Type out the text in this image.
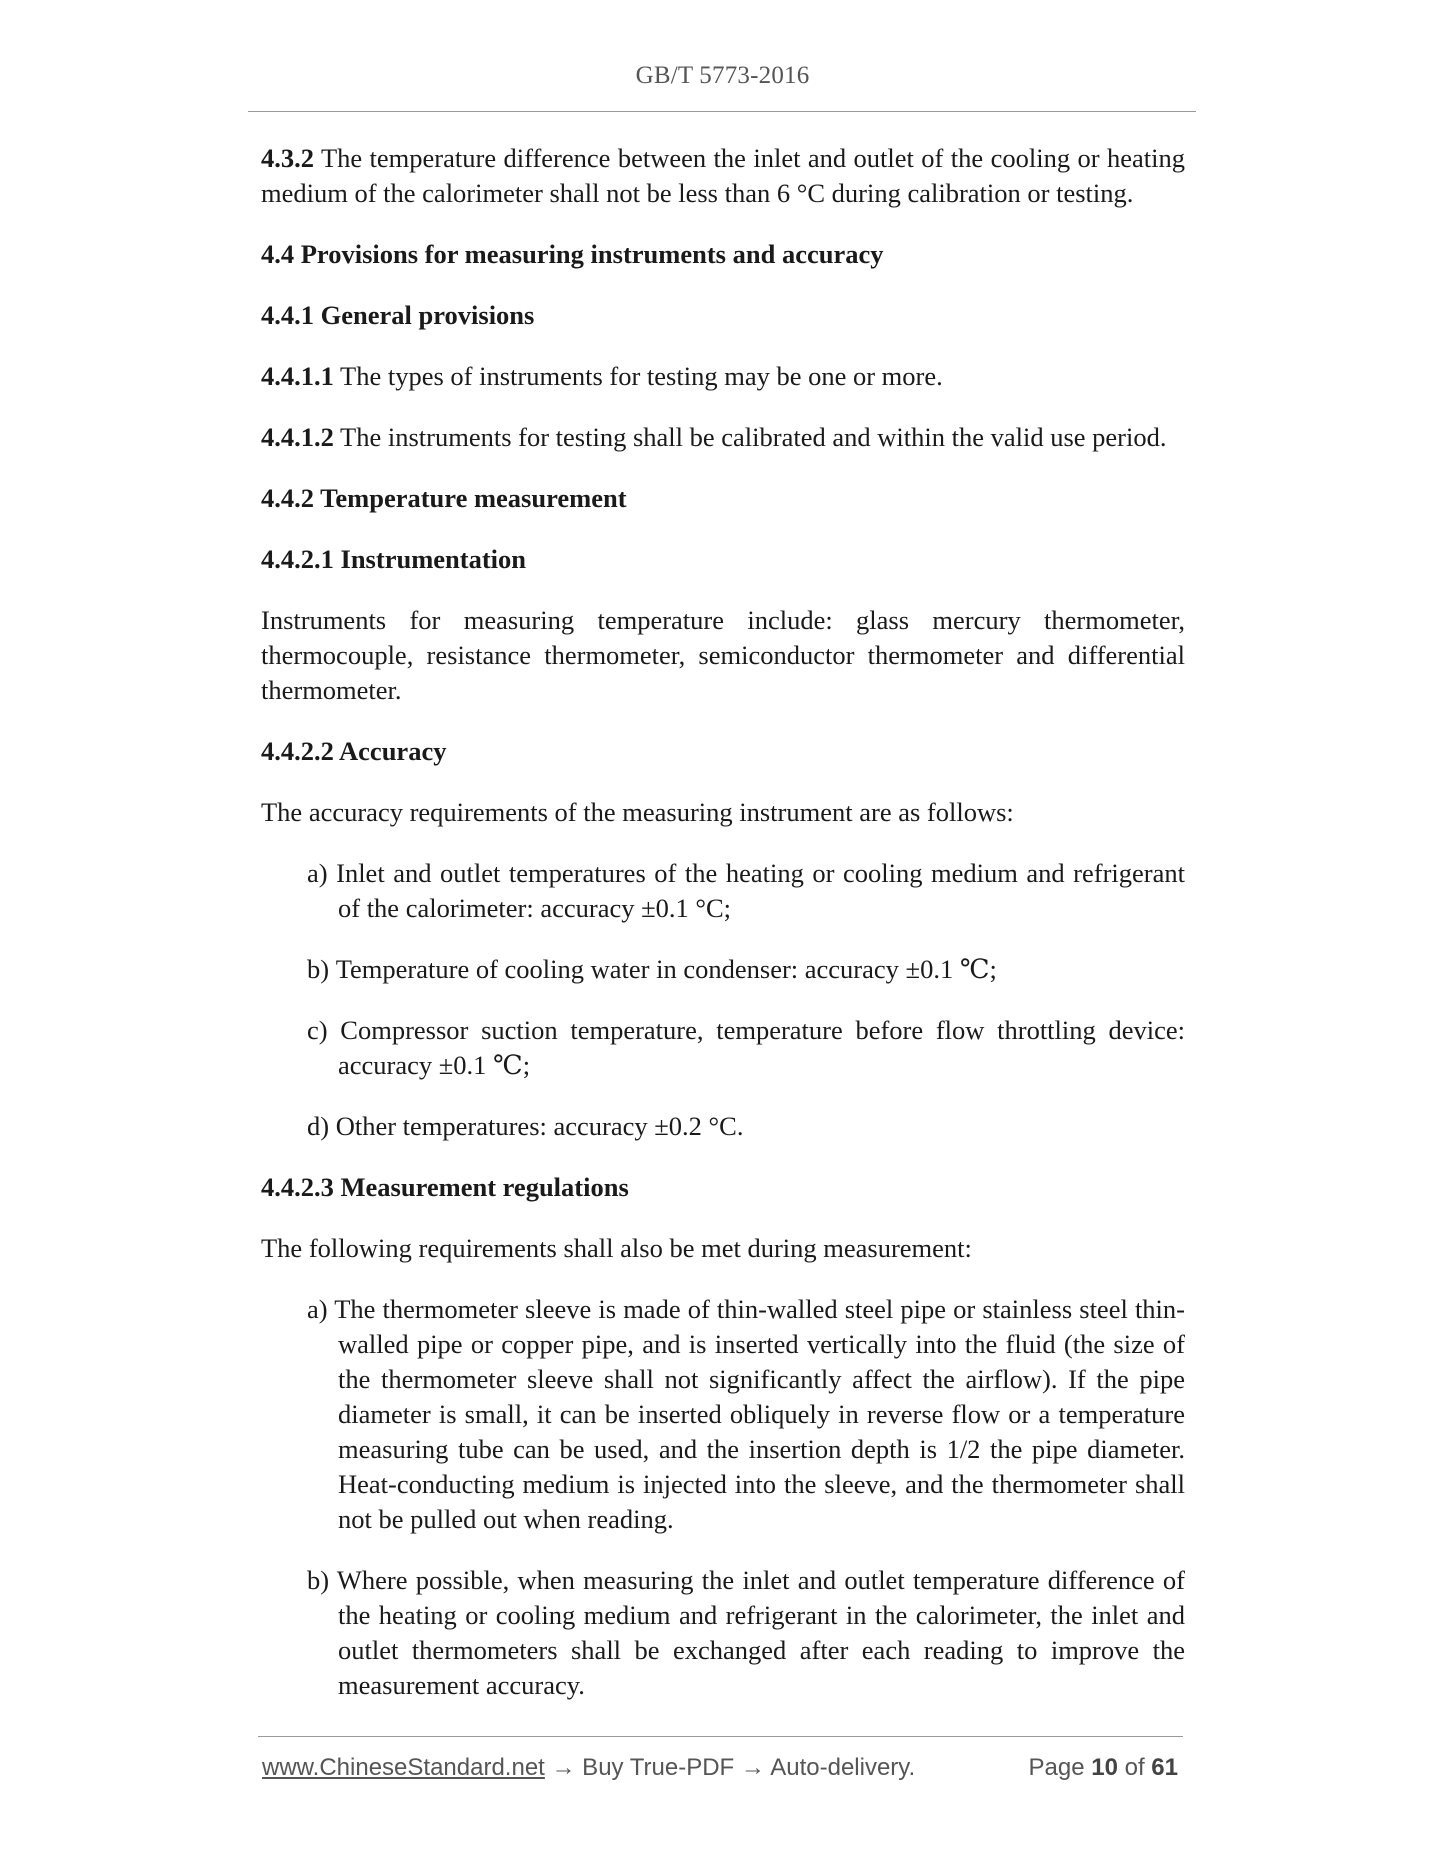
GB/T 5773-2016

4.3.2 The temperature difference between the inlet and outlet of the cooling or heating medium of the calorimeter shall not be less than 6 °C during calibration or testing.

4.4 Provisions for measuring instruments and accuracy

4.4.1 General provisions

4.4.1.1 The types of instruments for testing may be one or more.

4.4.1.2 The instruments for testing shall be calibrated and within the valid use period.

4.4.2 Temperature measurement

4.4.2.1 Instrumentation

Instruments for measuring temperature include: glass mercury thermometer, thermocouple, resistance thermometer, semiconductor thermometer and differential thermometer.

4.4.2.2 Accuracy

The accuracy requirements of the measuring instrument are as follows:

a) Inlet and outlet temperatures of the heating or cooling medium and refrigerant of the calorimeter: accuracy ±0.1 °C;

b) Temperature of cooling water in condenser: accuracy ±0.1 ℃;

c) Compressor suction temperature, temperature before flow throttling device: accuracy ±0.1 ℃;

d) Other temperatures: accuracy ±0.2 °C.

4.4.2.3 Measurement regulations

The following requirements shall also be met during measurement:

a) The thermometer sleeve is made of thin-walled steel pipe or stainless steel thin-walled pipe or copper pipe, and is inserted vertically into the fluid (the size of the thermometer sleeve shall not significantly affect the airflow). If the pipe diameter is small, it can be inserted obliquely in reverse flow or a temperature measuring tube can be used, and the insertion depth is 1/2 the pipe diameter. Heat-conducting medium is injected into the sleeve, and the thermometer shall not be pulled out when reading.

b) Where possible, when measuring the inlet and outlet temperature difference of the heating or cooling medium and refrigerant in the calorimeter, the inlet and outlet thermometers shall be exchanged after each reading to improve the measurement accuracy.

www.ChineseStandard.net → Buy True-PDF → Auto-delivery.	Page 10 of 61
